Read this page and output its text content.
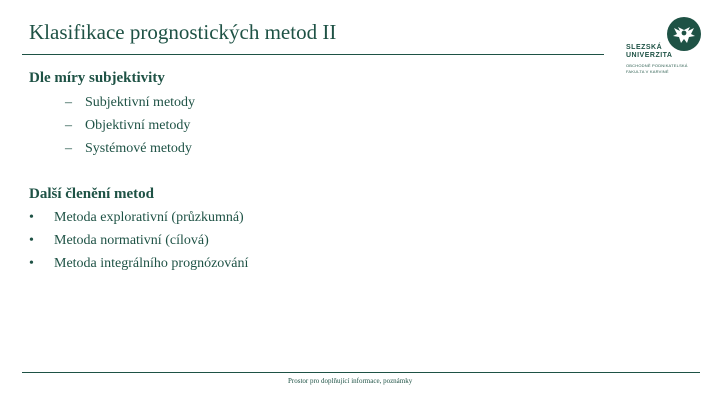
Klasifikace prognostických metod II
SLEZSKÁ
UNIVERZITA
OBCHODNĚ PODNIKATELSKÁ
FAKULTA V KARVINÉ
Dle míry subjektivity
– Subjektivní metody
– Objektivní metody
– Systémové metody
Další členění metod
• Metoda explorativní (průzkumná)
• Metoda normativní (cílová)
• Metoda integrálního prognózování
Prostor pro doplňující informace, poznámky
